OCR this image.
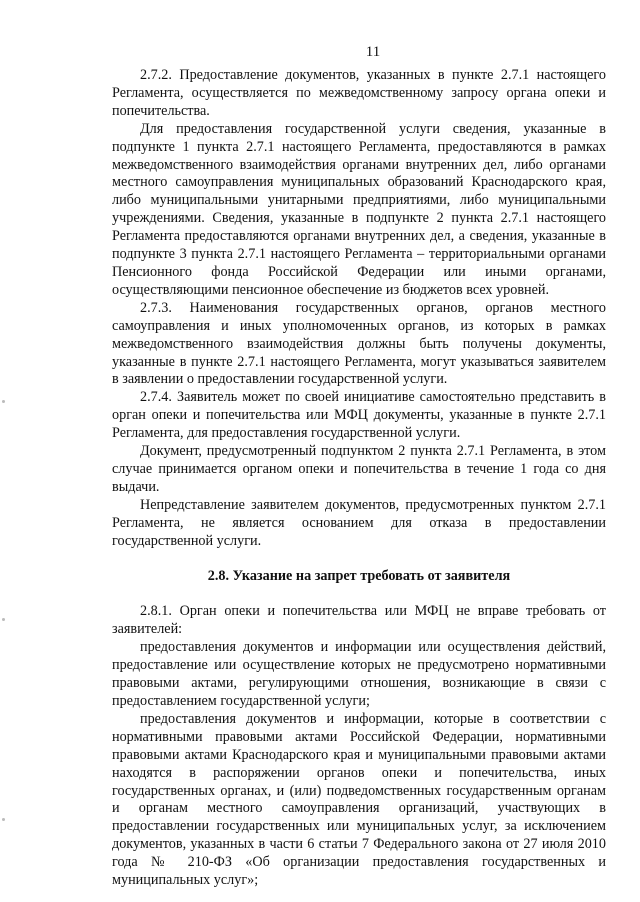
11

2.7.2. Предоставление документов, указанных в пункте 2.7.1 настоящего Регламента, осуществляется по межведомственному запросу органа опеки и попечительства.

Для предоставления государственной услуги сведения, указанные в подпункте 1 пункта 2.7.1 настоящего Регламента, предоставляются в рамках межведомственного взаимодействия органами внутренних дел, либо органами местного самоуправления муниципальных образований Краснодарского края, либо муниципальными унитарными предприятиями, либо муниципальными учреждениями. Сведения, указанные в подпункте 2 пункта 2.7.1 настоящего Регламента предоставляются органами внутренних дел, а сведения, указанные в подпункте 3 пункта 2.7.1 настоящего Регламента – территориальными органами Пенсионного фонда Российской Федерации или иными органами, осуществляющими пенсионное обеспечение из бюджетов всех уровней.

2.7.3. Наименования государственных органов, органов местного самоуправления и иных уполномоченных органов, из которых в рамках межведомственного взаимодействия должны быть получены документы, указанные в пункте 2.7.1 настоящего Регламента, могут указываться заявителем в заявлении о предоставлении государственной услуги.

2.7.4. Заявитель может по своей инициативе самостоятельно представить в орган опеки и попечительства или МФЦ документы, указанные в пункте 2.7.1 Регламента, для предоставления государственной услуги.

Документ, предусмотренный подпунктом 2 пункта 2.7.1 Регламента, в этом случае принимается органом опеки и попечительства в течение 1 года со дня выдачи.

Непредставление заявителем документов, предусмотренных пунктом 2.7.1 Регламента, не является основанием для отказа в предоставлении государственной услуги.

2.8. Указание на запрет требовать от заявителя

2.8.1. Орган опеки и попечительства или МФЦ не вправе требовать от заявителей:

предоставления документов и информации или осуществления действий, предоставление или осуществление которых не предусмотрено нормативными правовыми актами, регулирующими отношения, возникающие в связи с предоставлением государственной услуги;

предоставления документов и информации, которые в соответствии с нормативными правовыми актами Российской Федерации, нормативными правовыми актами Краснодарского края и муниципальными правовыми актами находятся в распоряжении органов опеки и попечительства, иных государственных органах, и (или) подведомственных государственным органам и органам местного самоуправления организаций, участвующих в предоставлении государственных или муниципальных услуг, за исключением документов, указанных в части 6 статьи 7 Федерального закона от 27 июля 2010 года № 210-ФЗ «Об организации предоставления государственных и муниципальных услуг»;
